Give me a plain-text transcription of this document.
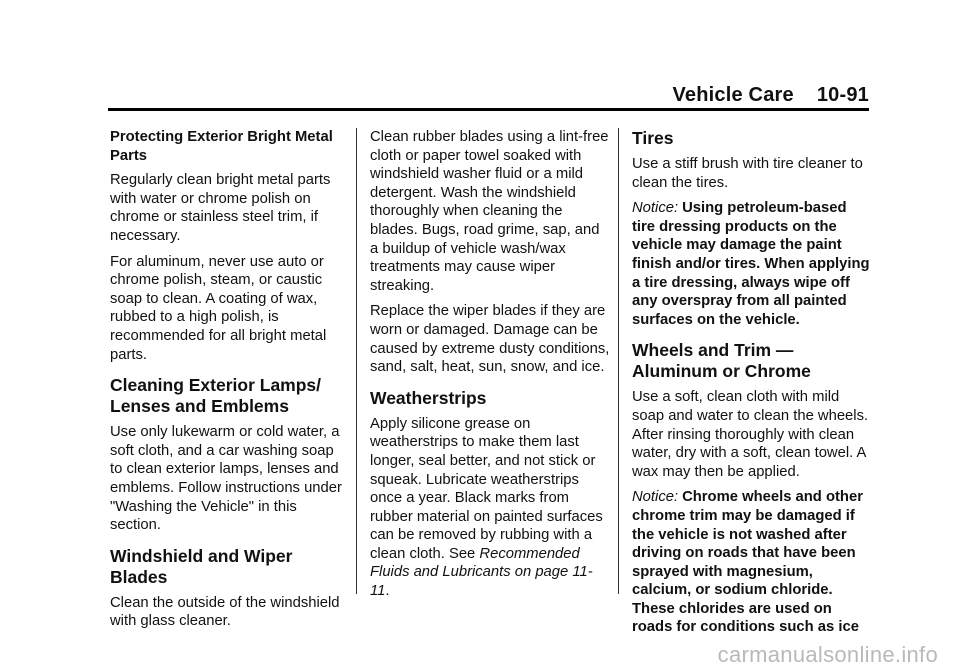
Vehicle Care    10-91

Protecting Exterior Bright Metal Parts

Regularly clean bright metal parts with water or chrome polish on chrome or stainless steel trim, if necessary.

For aluminum, never use auto or chrome polish, steam, or caustic soap to clean. A coating of wax, rubbed to a high polish, is recommended for all bright metal parts.

Cleaning Exterior Lamps/ Lenses and Emblems

Use only lukewarm or cold water, a soft cloth, and a car washing soap to clean exterior lamps, lenses and emblems. Follow instructions under "Washing the Vehicle" in this section.

Windshield and Wiper Blades

Clean the outside of the windshield with glass cleaner.

Clean rubber blades using a lint-free cloth or paper towel soaked with windshield washer fluid or a mild detergent. Wash the windshield thoroughly when cleaning the blades. Bugs, road grime, sap, and a buildup of vehicle wash/wax treatments may cause wiper streaking.

Replace the wiper blades if they are worn or damaged. Damage can be caused by extreme dusty conditions, sand, salt, heat, sun, snow, and ice.

Weatherstrips

Apply silicone grease on weatherstrips to make them last longer, seal better, and not stick or squeak. Lubricate weatherstrips once a year. Black marks from rubber material on painted surfaces can be removed by rubbing with a clean cloth. See Recommended Fluids and Lubricants on page 11-11.

Tires

Use a stiff brush with tire cleaner to clean the tires.

Notice: Using petroleum-based tire dressing products on the vehicle may damage the paint finish and/or tires. When applying a tire dressing, always wipe off any overspray from all painted surfaces on the vehicle.

Wheels and Trim — Aluminum or Chrome

Use a soft, clean cloth with mild soap and water to clean the wheels. After rinsing thoroughly with clean water, dry with a soft, clean towel. A wax may then be applied.

Notice: Chrome wheels and other chrome trim may be damaged if the vehicle is not washed after driving on roads that have been sprayed with magnesium, calcium, or sodium chloride. These chlorides are used on roads for conditions such as ice

carmanualsonline.info
